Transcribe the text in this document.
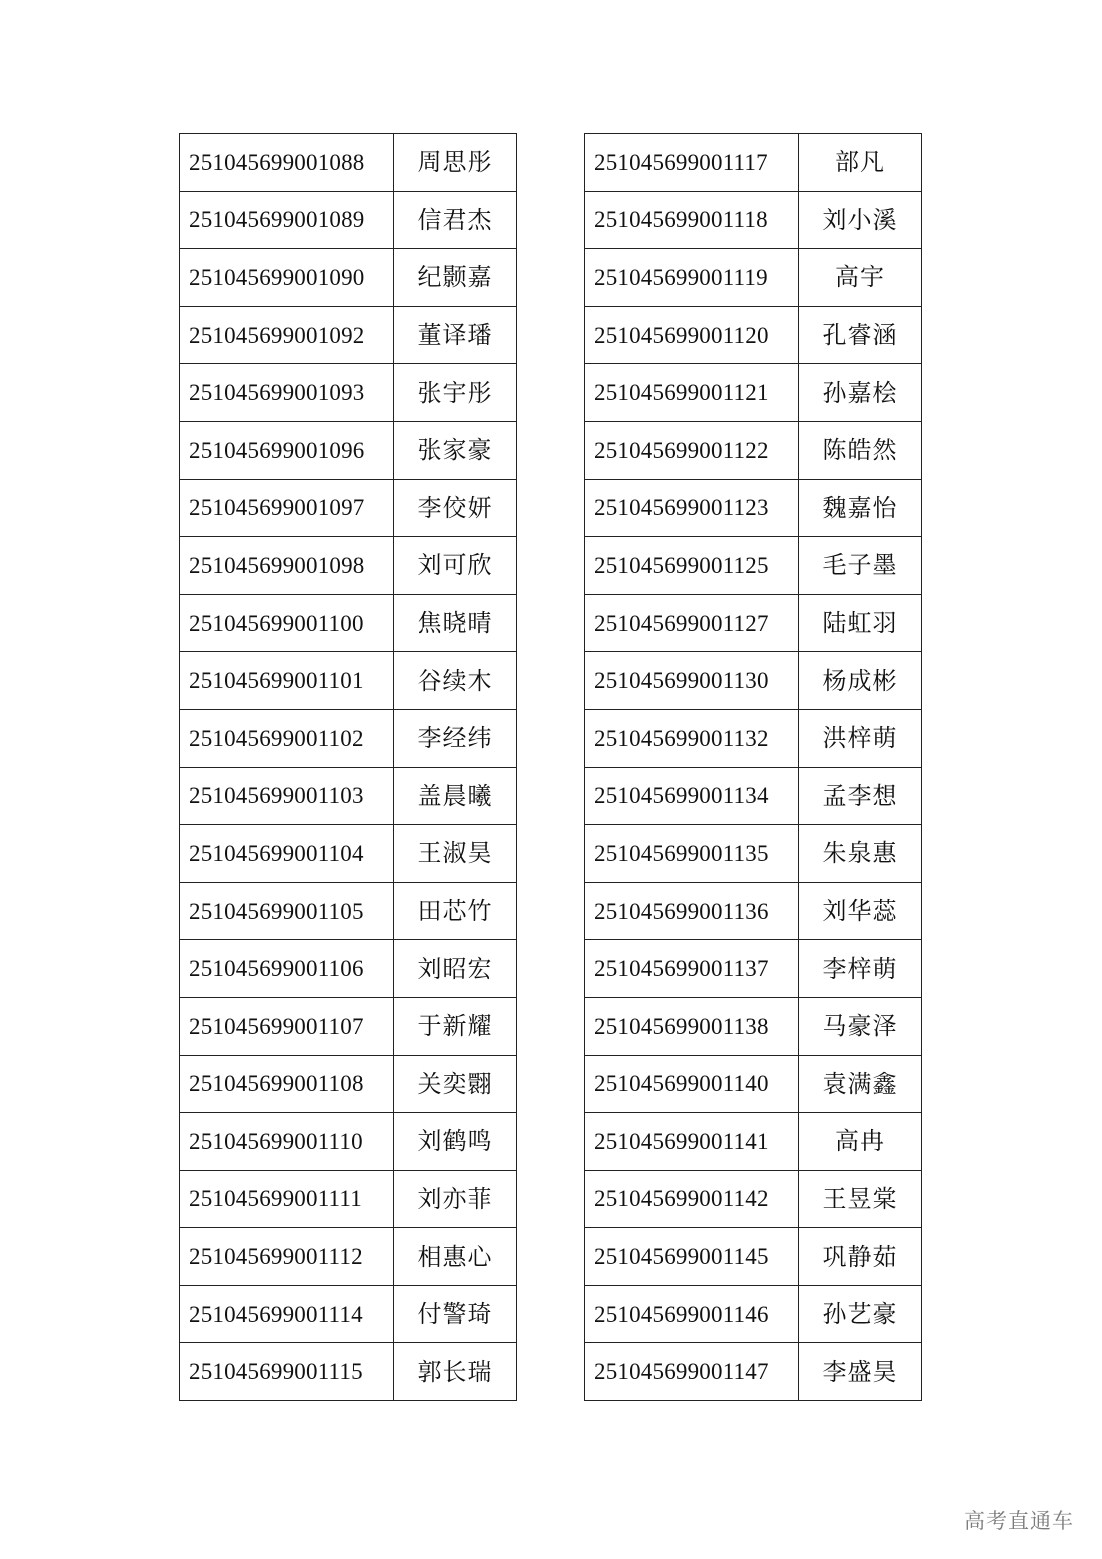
251045699001088	周思彤
251045699001089	信君杰
251045699001090	纪颢嘉
251045699001092	董译璠
251045699001093	张宇彤
251045699001096	张家豪
251045699001097	李佼妍
251045699001098	刘可欣
251045699001100	焦晓晴
251045699001101	谷续木
251045699001102	李经纬
251045699001103	盖晨曦
251045699001104	王淑昊
251045699001105	田芯竹
251045699001106	刘昭宏
251045699001107	于新耀
251045699001108	关奕翾
251045699001110	刘鹤鸣
251045699001111	刘亦菲
251045699001112	相惠心
251045699001114	付警琦
251045699001115	郭长瑞
251045699001117	部凡
251045699001118	刘小溪
251045699001119	高宇
251045699001120	孔睿涵
251045699001121	孙嘉桧
251045699001122	陈皓然
251045699001123	魏嘉怡
251045699001125	毛子墨
251045699001127	陆虹羽
251045699001130	杨成彬
251045699001132	洪梓萌
251045699001134	孟李想
251045699001135	朱泉惠
251045699001136	刘华蕊
251045699001137	李梓萌
251045699001138	马豪泽
251045699001140	袁满鑫
251045699001141	高冉
251045699001142	王昱棠
251045699001145	巩静茹
251045699001146	孙艺豪
251045699001147	李盛昊
高考直通车
